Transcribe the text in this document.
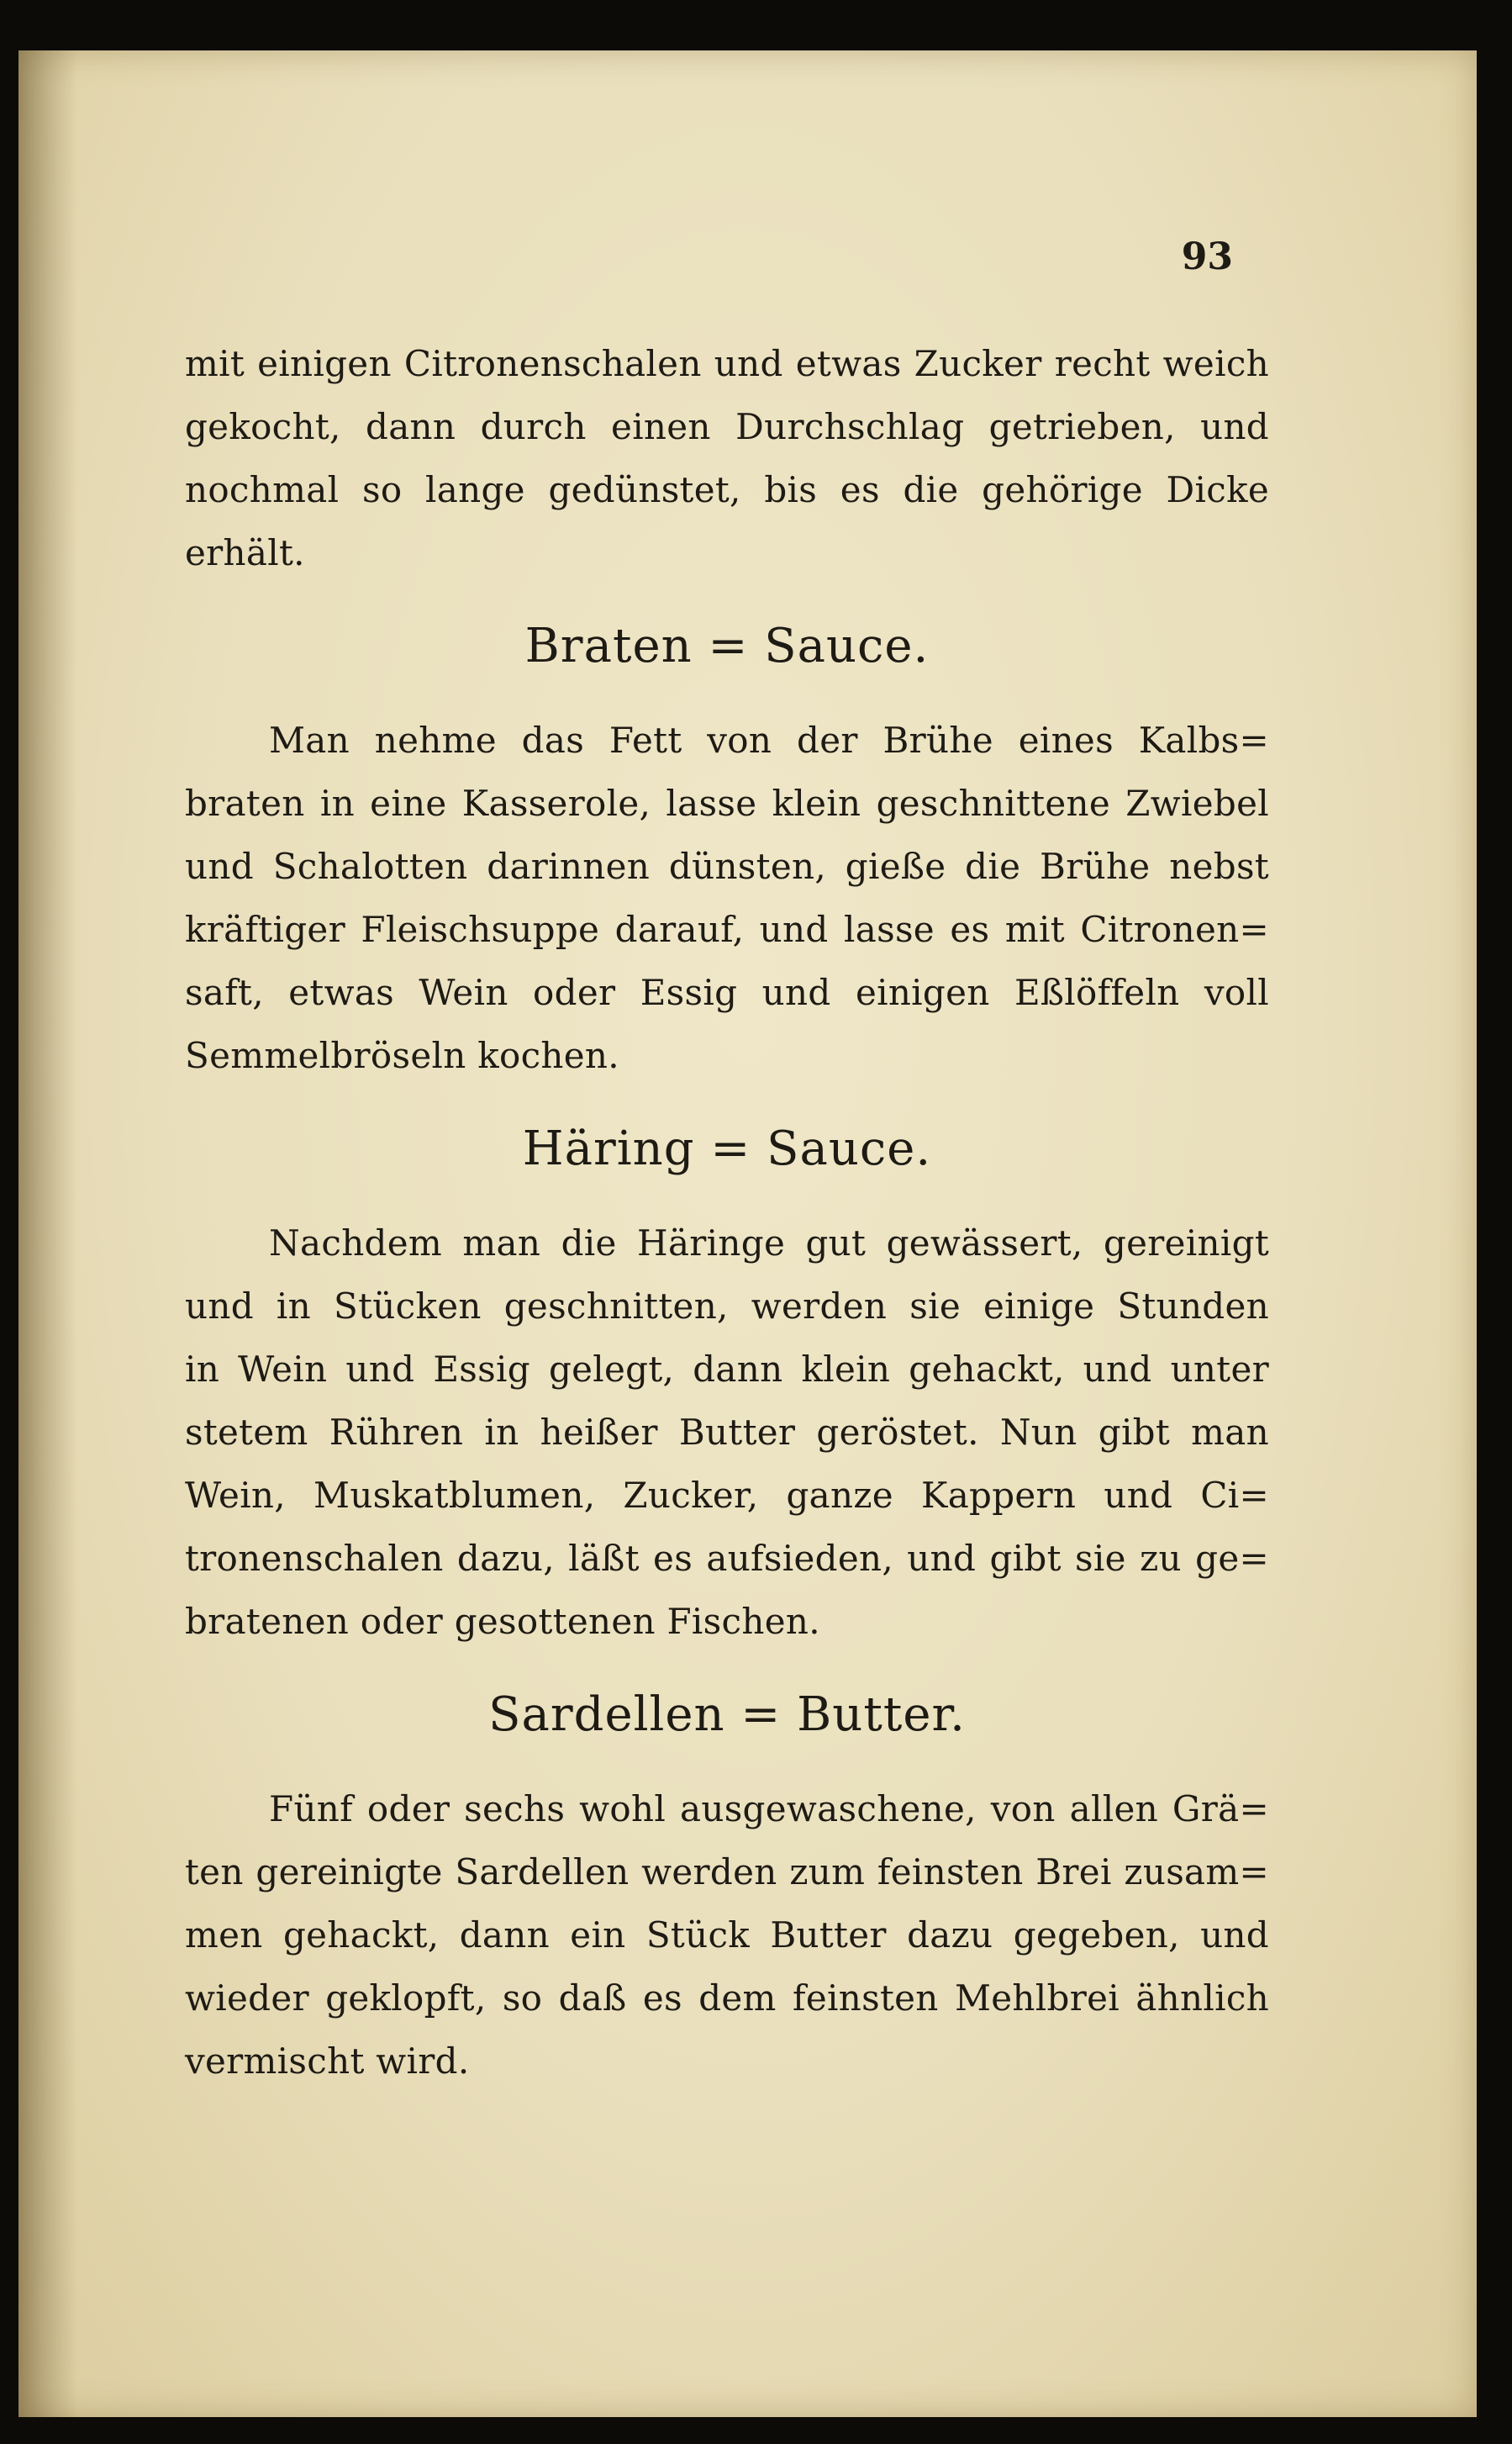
93
mit einigen Citronenschalen und etwas Zucker recht weich
gekocht, dann durch einen Durchschlag getrieben, und
nochmal so lange gedünstet, bis es die gehörige Dicke
erhält.
Braten = Sauce.
Man nehme das Fett von der Brühe eines Kalbs=
braten in eine Kasserole, lasse klein geschnittene Zwiebel
und Schalotten darinnen dünsten, gieße die Brühe nebst
kräftiger Fleischsuppe darauf, und lasse es mit Citronen=
saft, etwas Wein oder Essig und einigen Eßlöffeln voll
Semmelbröseln kochen.
Häring = Sauce.
Nachdem man die Häringe gut gewässert, gereinigt
und in Stücken geschnitten, werden sie einige Stunden
in Wein und Essig gelegt, dann klein gehackt, und unter
stetem Rühren in heißer Butter geröstet. Nun gibt man
Wein, Muskatblumen, Zucker, ganze Kappern und Ci=
tronenschalen dazu, läßt es aufsieden, und gibt sie zu ge=
bratenen oder gesottenen Fischen.
Sardellen = Butter.
Fünf oder sechs wohl ausgewaschene, von allen Grä=
ten gereinigte Sardellen werden zum feinsten Brei zusam=
men gehackt, dann ein Stück Butter dazu gegeben, und
wieder geklopft, so daß es dem feinsten Mehlbrei ähnlich
vermischt wird.
